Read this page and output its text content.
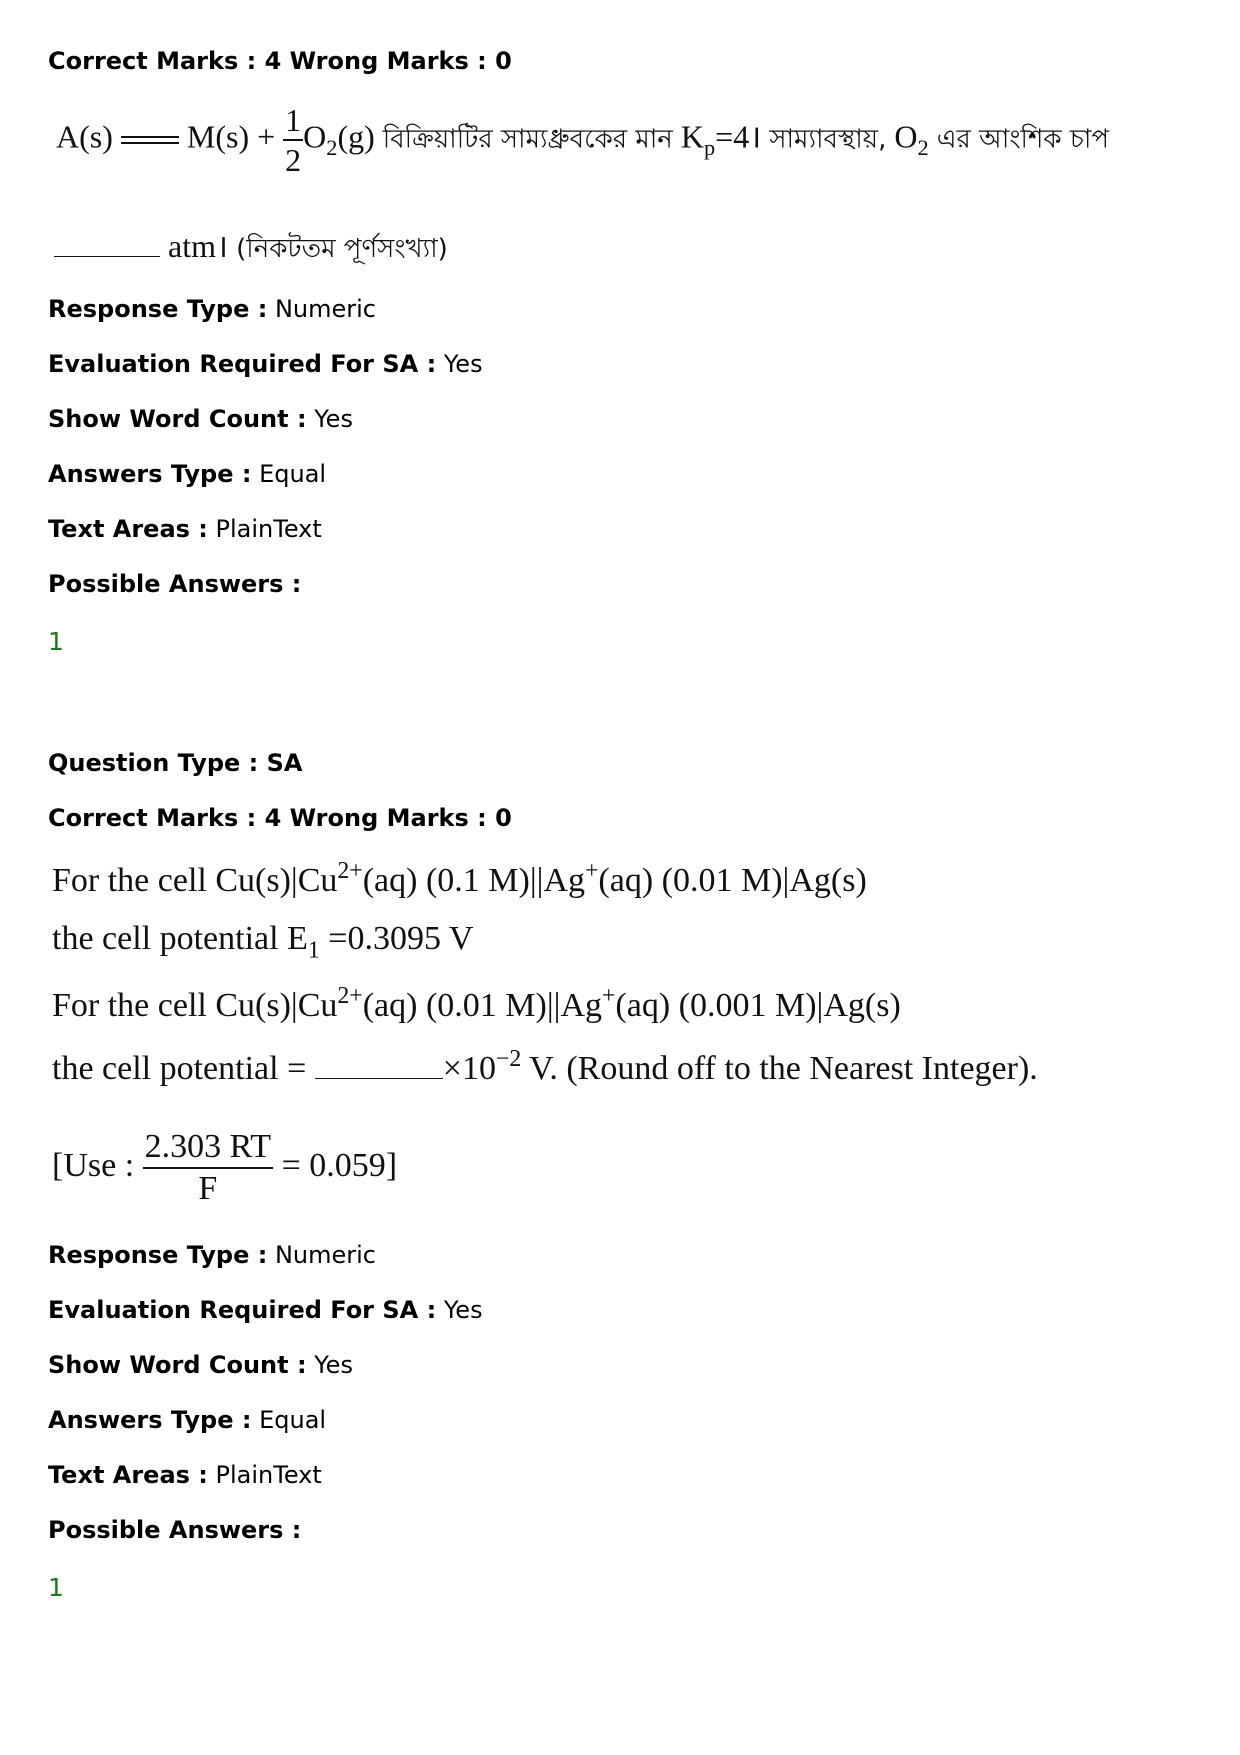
Correct Marks : 4 Wrong Marks : 0
A(s) $M(s) + \frac{1}{2} O_2(g)$ বিক্রিয়াটির সাম্যধ্রুবকের মান $K_p=4।$ সাম্যাবস্থায়, $O_2$ এর আংশিক চাপ
atm। (নিকটতম পূর্ণসংখ্যা)
Response Type : Numeric
Evaluation Required For SA : Yes
Show Word Count : Yes
Answers Type : Equal
Text Areas : PlainText
Possible Answers :
1
Question Type : SA
Correct Marks : 4 Wrong Marks : 0
For the cell $Cu(s)|Cu^{2+}(aq)$ (0.1 M)||Ag+(aq) (0.01 M)|Ag(s)
the cell potential $E_1 =0.3095$ V
For the cell $Cu(s)|Cu^{2+}(aq)$ (0.01 M)||Ag+(aq) (0.001 M)|Ag(s)
the cell potential =	$\times 10^{-2}$ V. (Round off to the Nearest Integer).
[Use : $\frac{2.303 RT}{F} = 0.059$]
Response Type : Numeric
Evaluation Required For SA : Yes
Show Word Count : Yes
Answers Type : Equal
Text Areas : PlainText
Possible Answers :
1
